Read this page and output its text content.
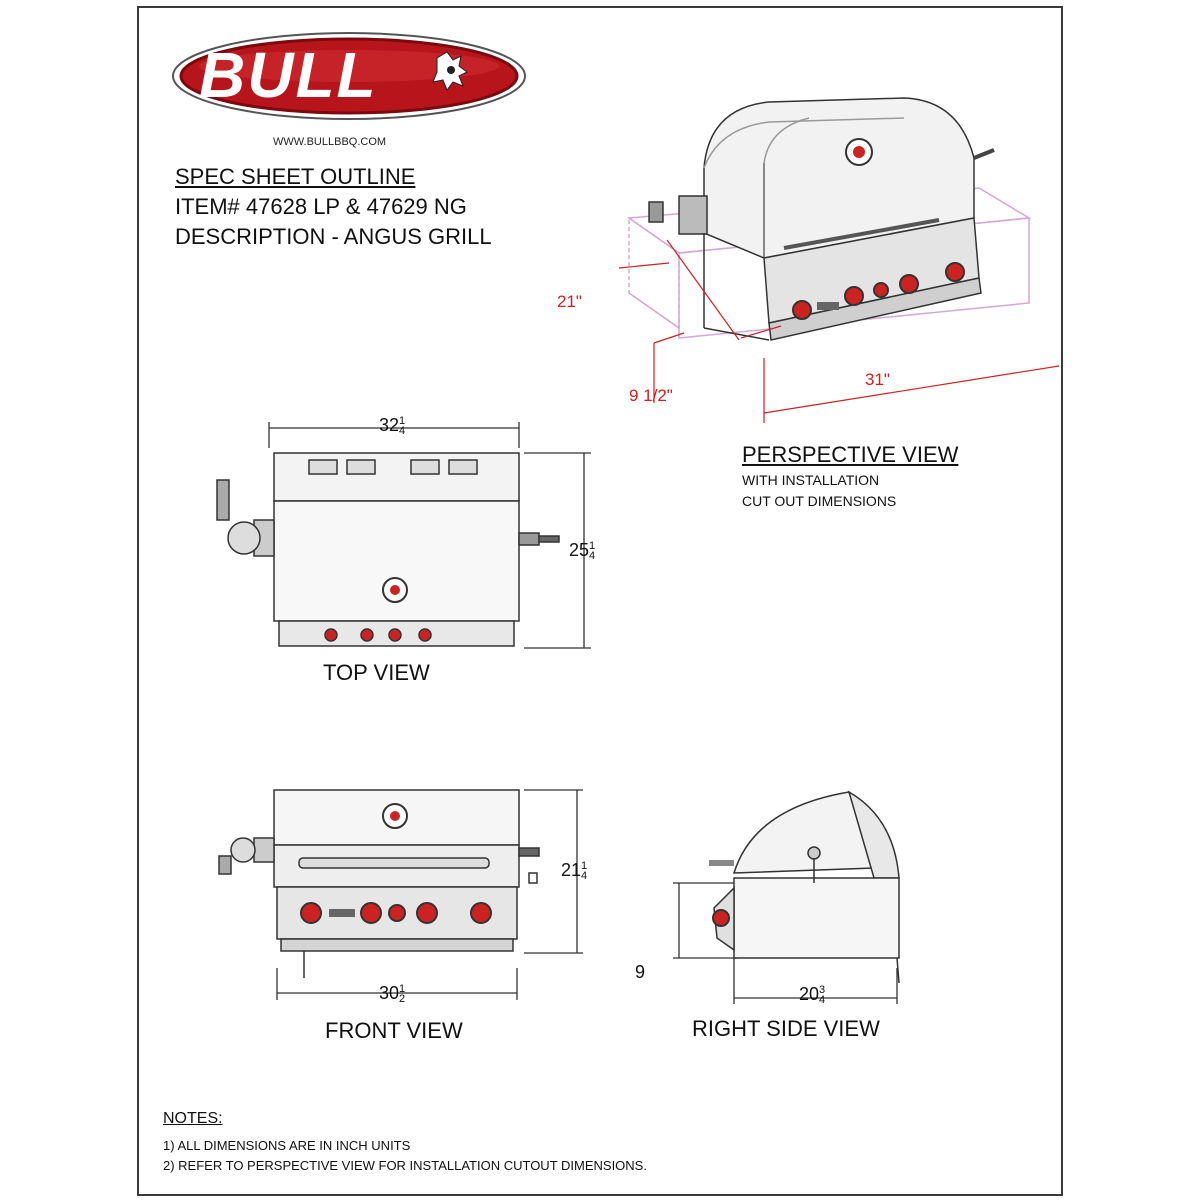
BULL
WWW.BULLBBQ.COM
SPEC SHEET OUTLINE
ITEM# 47628 LP & 47629 NG
DESCRIPTION - ANGUS GRILL
21"
9 1/2"
31"
PERSPECTIVE VIEW
WITH INSTALLATION
CUT OUT DIMENSIONS
321
4
251
4
TOP VIEW
211
4
301
2
FRONT VIEW
9
203
4
RIGHT SIDE VIEW
NOTES:
1) ALL DIMENSIONS ARE IN INCH UNITS
2) REFER TO PERSPECTIVE VIEW FOR INSTALLATION CUTOUT DIMENSIONS.
